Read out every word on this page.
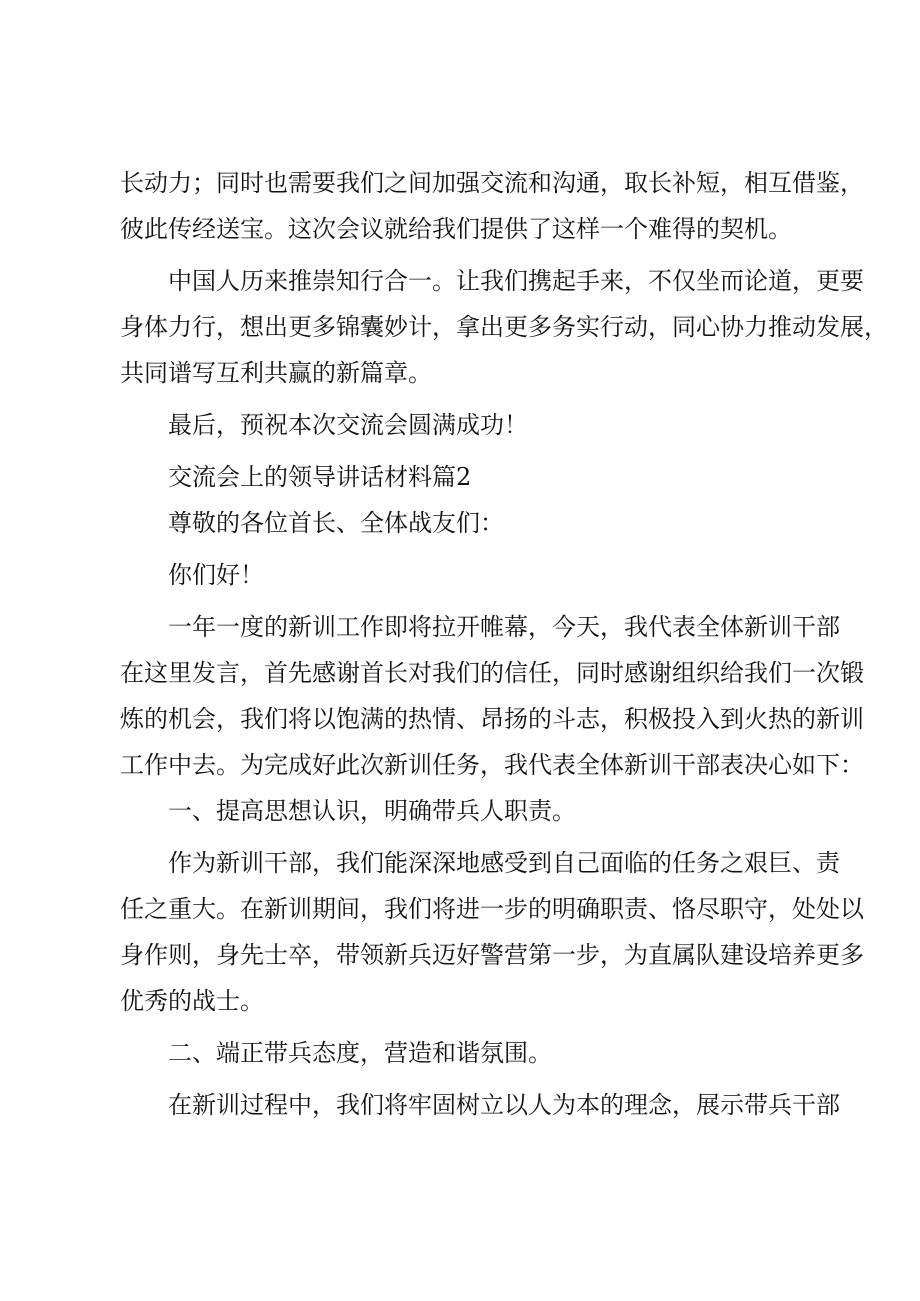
长动力；同时也需要我们之间加强交流和沟通，取长补短，相互借鉴，
彼此传经送宝。这次会议就给我们提供了这样一个难得的契机。
中国人历来推崇知行合一。让我们携起手来，不仅坐而论道，更要
身体力行，想出更多锦囊妙计，拿出更多务实行动，同心协力推动发展，
共同谱写互利共赢的新篇章。
最后，预祝本次交流会圆满成功！
交流会上的领导讲话材料篇2
尊敬的各位首长、全体战友们：
你们好！
一年一度的新训工作即将拉开帷幕，今天，我代表全体新训干部
在这里发言，首先感谢首长对我们的信任，同时感谢组织给我们一次锻
炼的机会，我们将以饱满的热情、昂扬的斗志，积极投入到火热的新训
工作中去。为完成好此次新训任务，我代表全体新训干部表决心如下：
一、提高思想认识，明确带兵人职责。
作为新训干部，我们能深深地感受到自己面临的任务之艰巨、责
任之重大。在新训期间，我们将进一步的明确职责、恪尽职守，处处以
身作则，身先士卒，带领新兵迈好警营第一步，为直属队建设培养更多
优秀的战士。
二、端正带兵态度，营造和谐氛围。
在新训过程中，我们将牢固树立以人为本的理念，展示带兵干部
